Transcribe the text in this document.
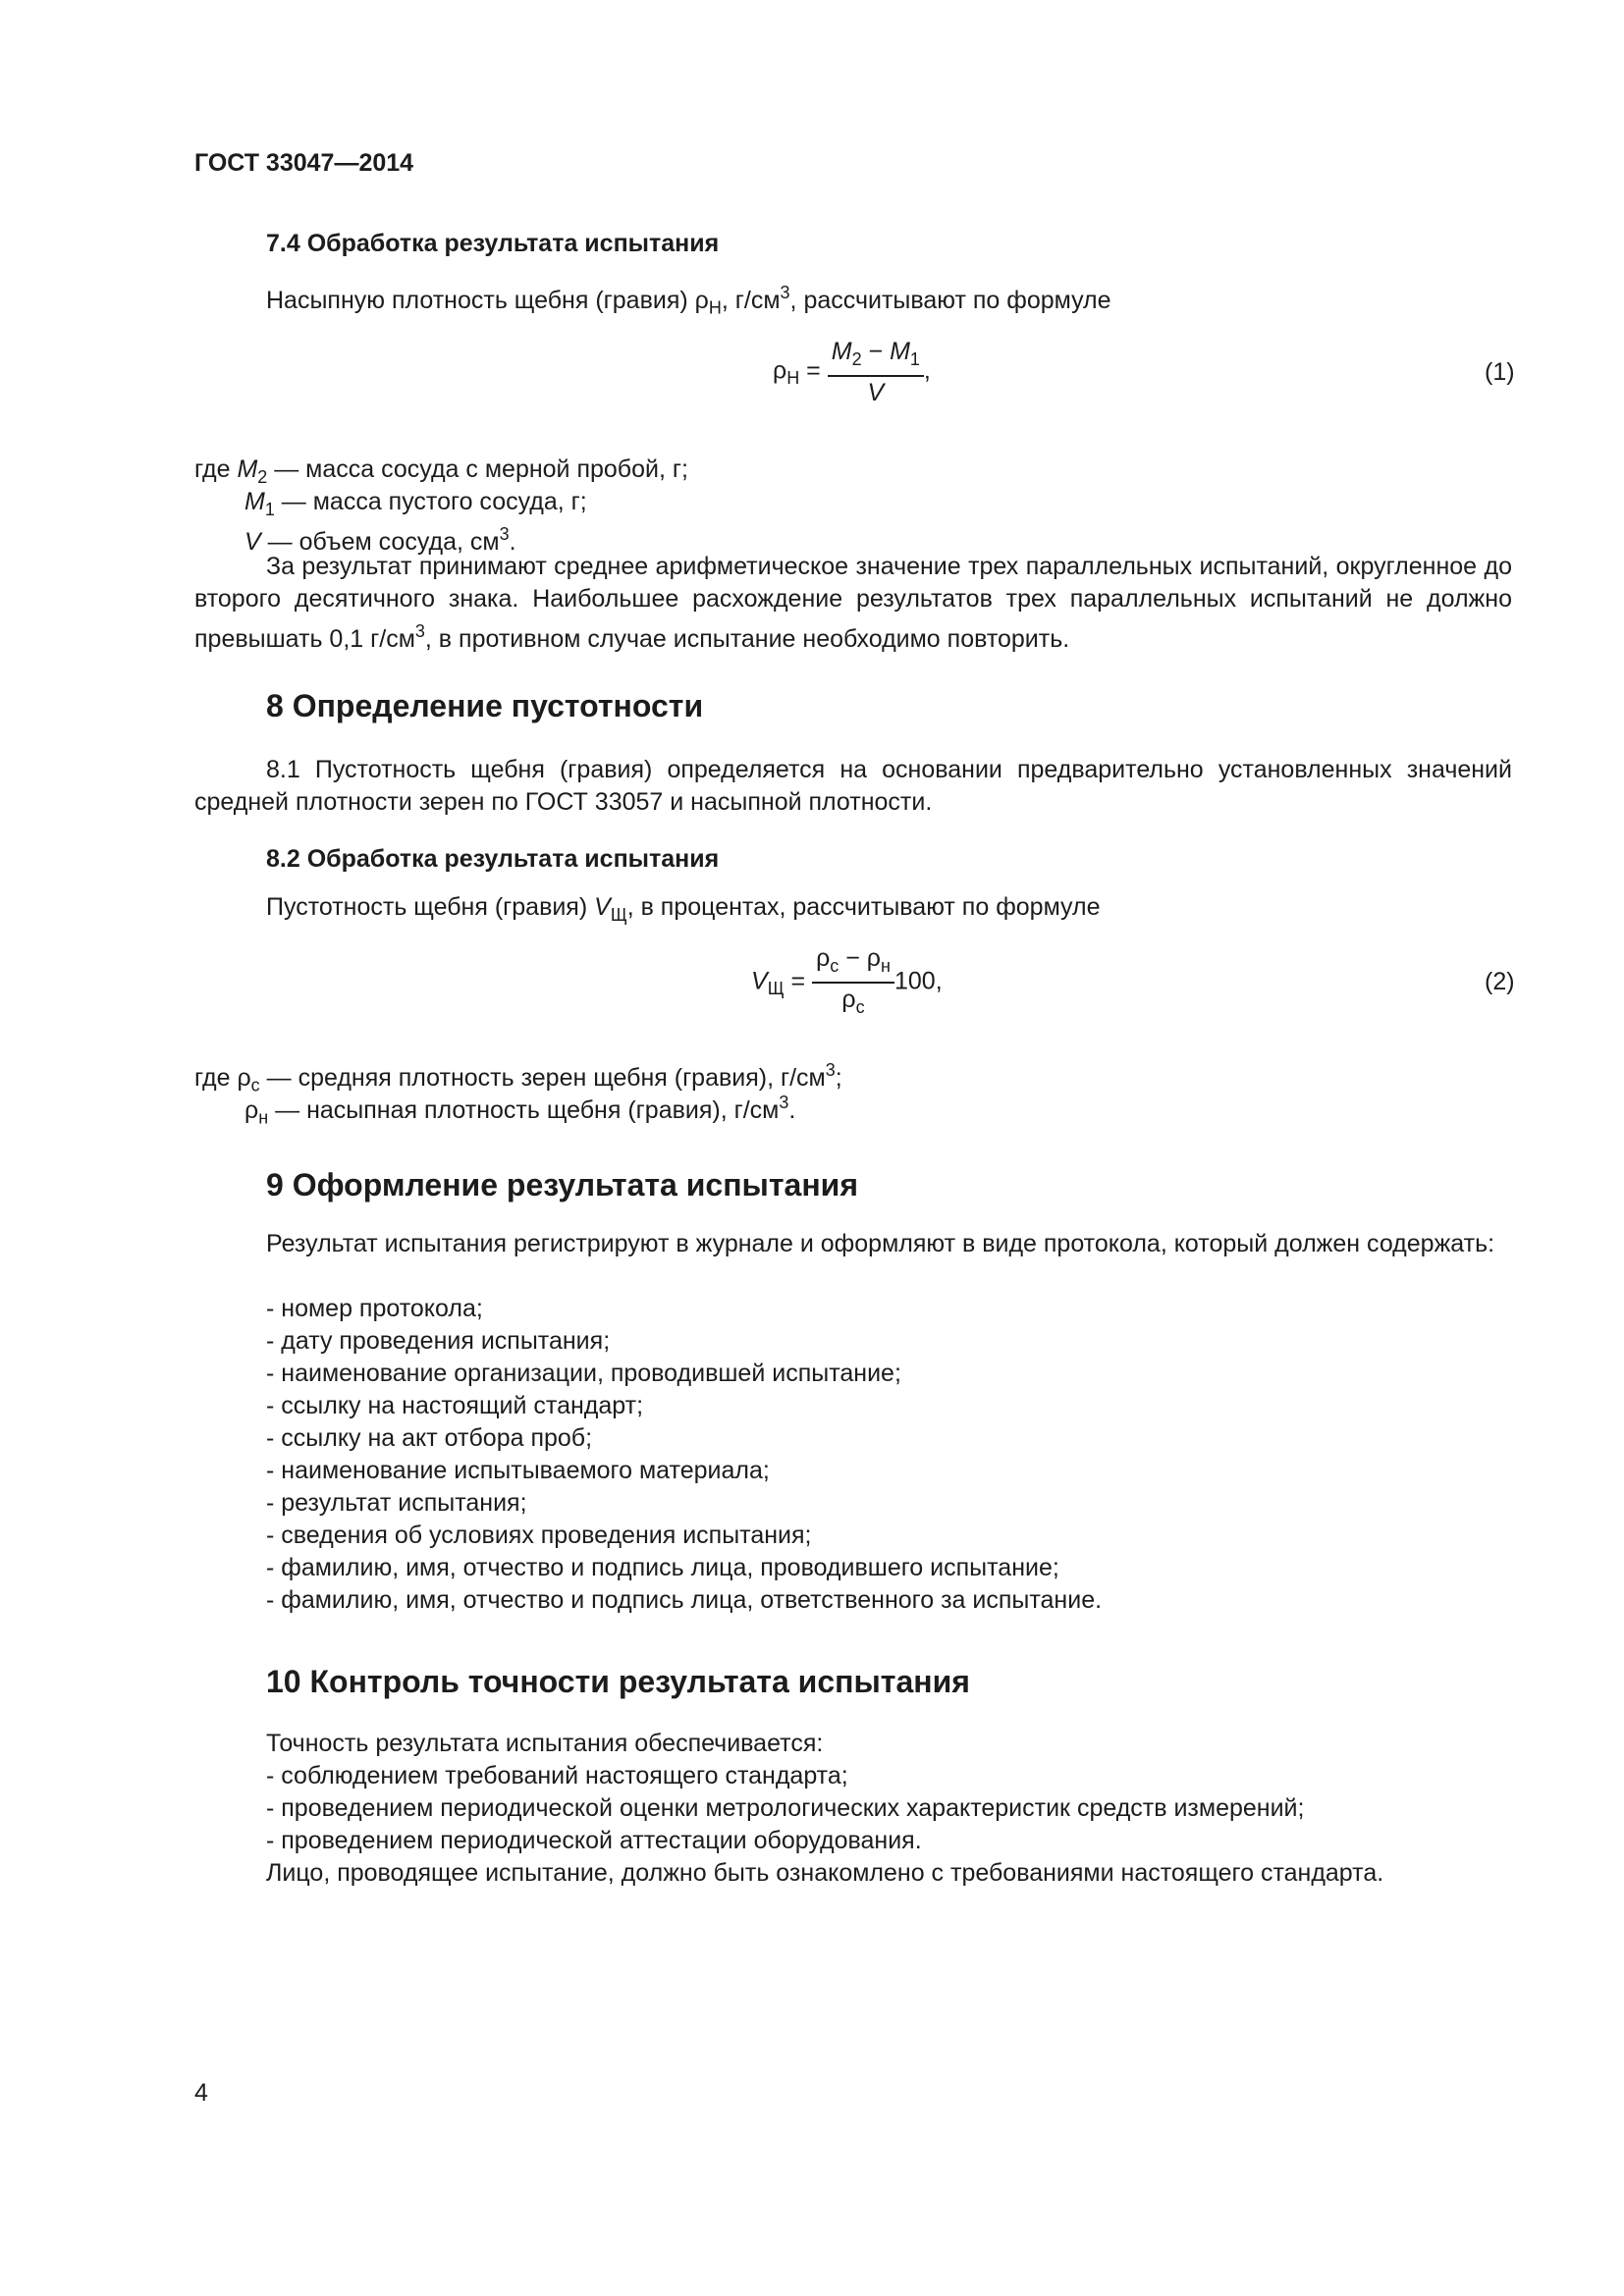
ГОСТ 33047—2014
7.4 Обработка результата испытания
Насыпную плотность щебня (гравия) $\rho_Н$, $г/см^3$, рассчитывают по формуле
$\rho_Н = \frac{M_2 - M_1}{V}$ ,	(1)
где $M_2$ — масса сосуда с мерной пробой, г;
$M_1$ — масса пустого сосуда, г;
V — объем сосуда, $см^3$.
За результат принимают среднее арифметическое значение трех параллельных испытаний, округленное до второго десятичного знака. Наибольшее расхождение результатов трех параллельных испытаний не должно превышать 0,1 $г/см^3$, в противном случае испытание необходимо повторить.
8 Определение пустотности
8.1 Пустотность щебня (гравия) определяется на основании предварительно установленных значений средней плотности зерен по ГОСТ 33057 и насыпной плотности.
8.2 Обработка результата испытания
Пустотность щебня (гравия) $V_Щ$, в процентах, рассчитывают по формуле
$V_Щ = \frac{\rho_с - \rho_н}{\rho_с} 100$,	(2)
где $\rho_с$ — средняя плотность зерен щебня (гравия), $г/см^3$;
$\rho_н$ — насыпная плотность щебня (гравия), $г/см^3$.
9 Оформление результата испытания
Результат испытания регистрируют в журнале и оформляют в виде протокола, который должен содержать:
- номер протокола;
- дату проведения испытания;
- наименование организации, проводившей испытание;
- ссылку на настоящий стандарт;
- ссылку на акт отбора проб;
- наименование испытываемого материала;
- результат испытания;
- сведения об условиях проведения испытания;
- фамилию, имя, отчество и подпись лица, проводившего испытание;
- фамилию, имя, отчество и подпись лица, ответственного за испытание.
10 Контроль точности результата испытания
Точность результата испытания обеспечивается:
- соблюдением требований настоящего стандарта;
- проведением периодической оценки метрологических характеристик средств измерений;
- проведением периодической аттестации оборудования.
Лицо, проводящее испытание, должно быть ознакомлено с требованиями настоящего стандарта.
4
